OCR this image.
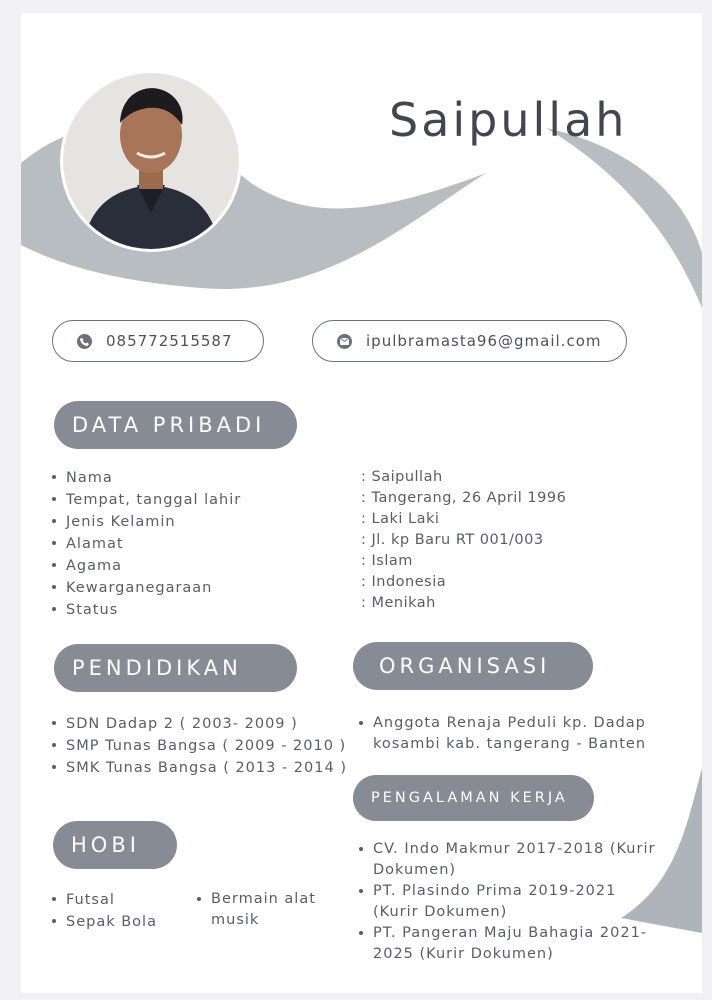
Saipullah
085772515587	ipulbramasta96@gmail.com
DATA PRIBADI
Nama
Tempat, tanggal lahir
Jenis Kelamin
Alamat
Agama
Kewarganegaraan
Status
: Saipullah
: Tangerang, 26 April 1996
: Laki Laki
: Jl. kp Baru RT 001/003
: Islam
: Indonesia
: Menikah
PENDIDIKAN
SDN Dadap 2 ( 2003- 2009 )
SMP Tunas Bangsa ( 2009 - 2010 )
SMK Tunas Bangsa ( 2013 - 2014 )
ORGANISASI
Anggota Renaja Peduli kp. Dadap kosambi kab. tangerang - Banten
PENGALAMAN KERJA
CV. Indo Makmur 2017-2018 (Kurir Dokumen)
PT. Plasindo Prima 2019-2021 (Kurir Dokumen)
PT. Pangeran Maju Bahagia 2021-2025 (Kurir Dokumen)
HOBI
Futsal
Sepak Bola
Bermain alat musik
